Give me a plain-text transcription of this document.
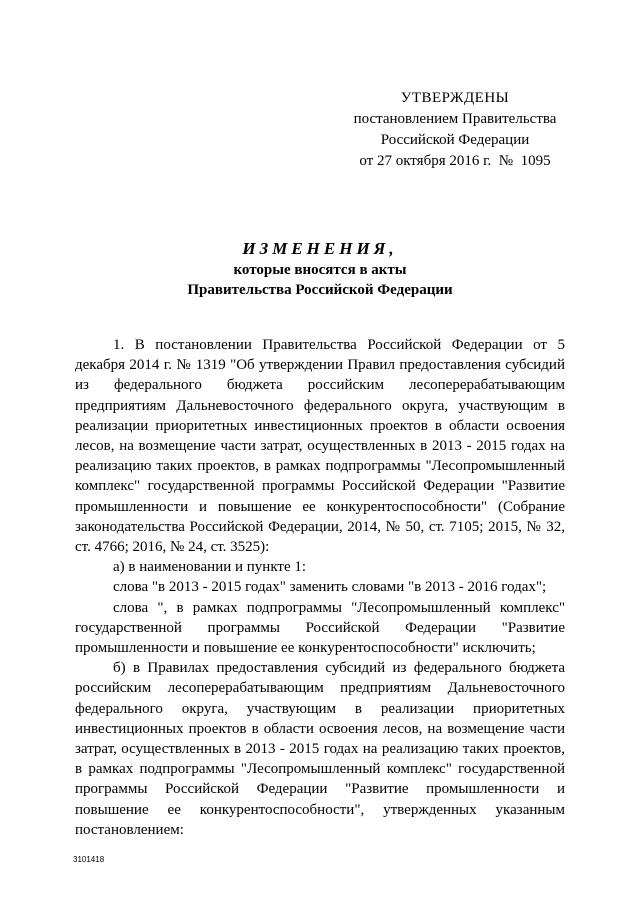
УТВЕРЖДЕНЫ
постановлением Правительства
Российской Федерации
от 27 октября 2016 г.  №  1095
ИЗМЕНЕНИЯ,
которые вносятся в акты
Правительства Российской Федерации

1. В постановлении Правительства Российской Федерации от 5 декабря 2014 г. № 1319 "Об утверждении Правил предоставления субсидий из федерального бюджета российским лесоперерабатывающим предприятиям Дальневосточного федерального округа, участвующим в реализации приоритетных инвестиционных проектов в области освоения лесов, на возмещение части затрат, осуществленных в 2013 - 2015 годах на реализацию таких проектов, в рамках подпрограммы "Лесопромышленный комплекс" государственной программы Российской Федерации "Развитие промышленности и повышение ее конкурентоспособности" (Собрание законодательства Российской Федерации, 2014, № 50, ст. 7105; 2015, № 32, ст. 4766; 2016, № 24, ст. 3525):

а) в наименовании и пункте 1:

слова "в 2013 - 2015 годах" заменить словами "в 2013 - 2016 годах";

слова ", в рамках подпрограммы "Лесопромышленный комплекс" государственной программы Российской Федерации "Развитие промышленности и повышение ее конкурентоспособности" исключить;

б) в Правилах предоставления субсидий из федерального бюджета российским лесоперерабатывающим предприятиям Дальневосточного федерального округа, участвующим в реализации приоритетных инвестиционных проектов в области освоения лесов, на возмещение части затрат, осуществленных в 2013 - 2015 годах на реализацию таких проектов, в рамках подпрограммы "Лесопромышленный комплекс" государственной программы Российской Федерации "Развитие промышленности и повышение ее конкурентоспособности", утвержденных указанным постановлением:

3101418
